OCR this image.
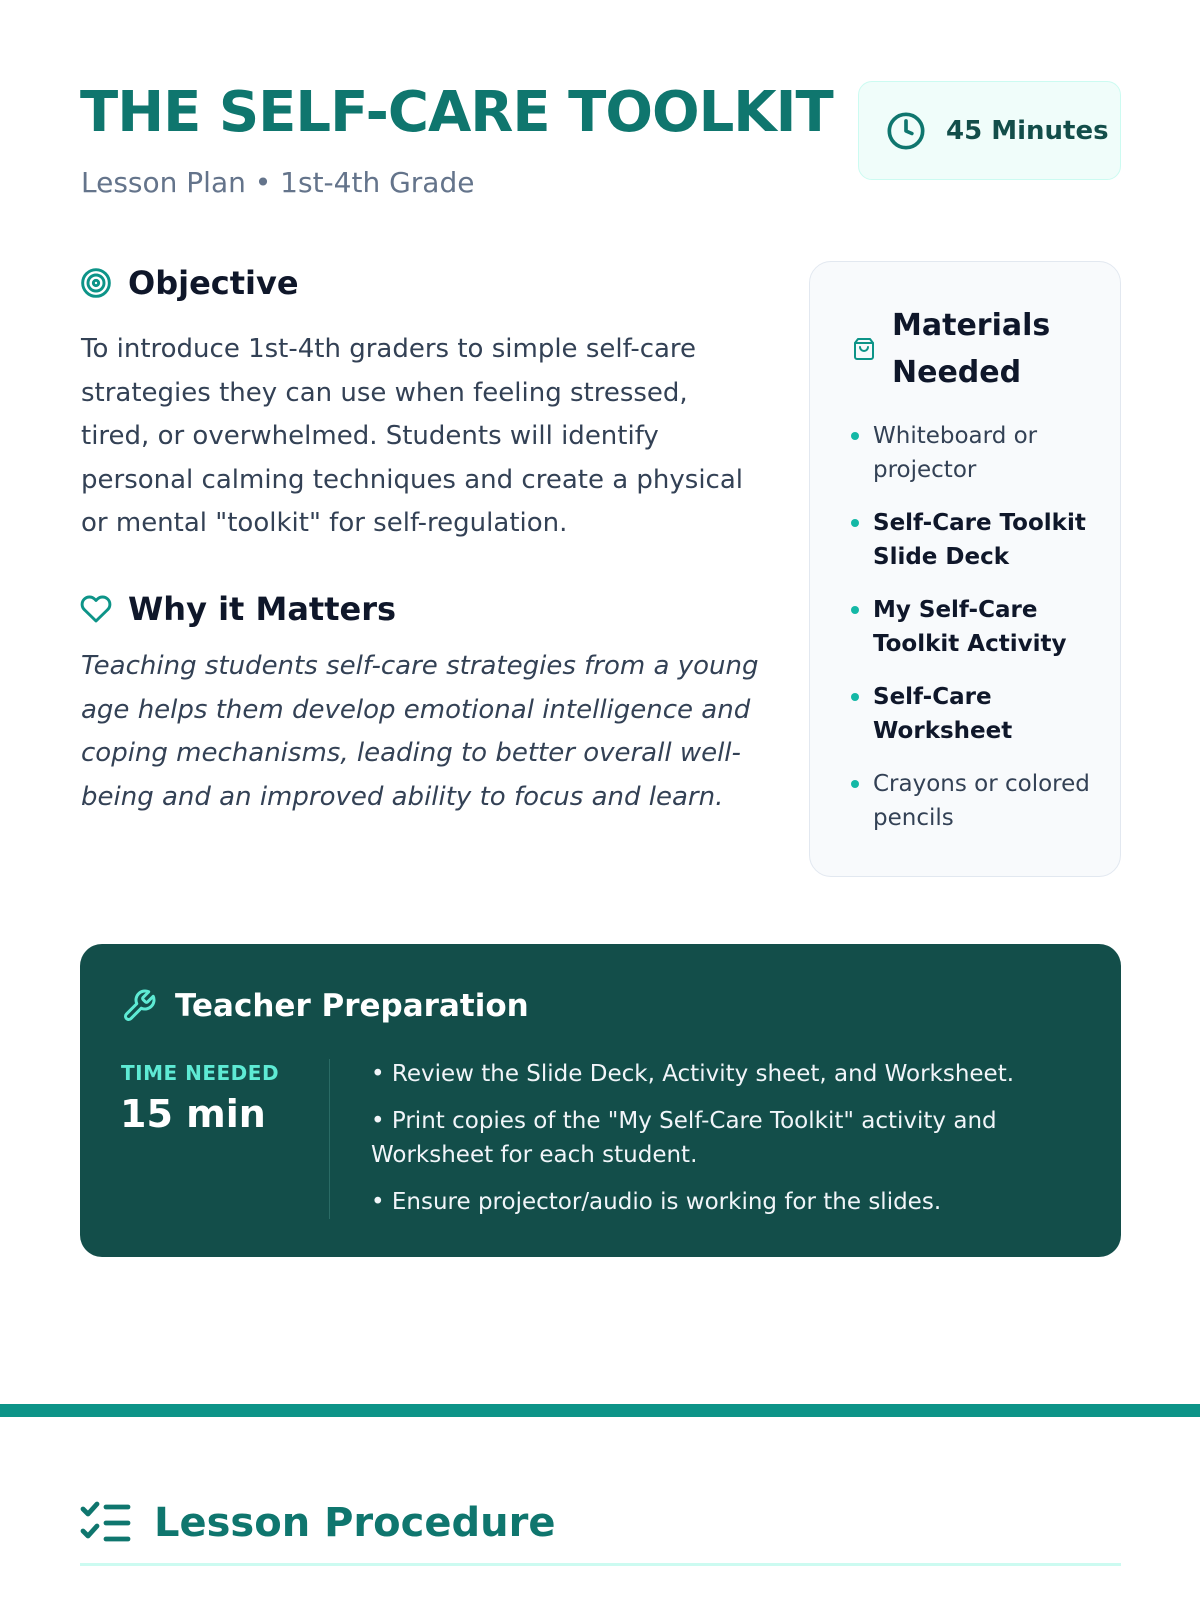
THE SELF-CARE TOOLKIT
Lesson Plan • 1st-4th Grade
45 Minutes
Objective

To introduce 1st-4th graders to simple self-care strategies they can use when feeling stressed, tired, or overwhelmed. Students will identify personal calming techniques and create a physical or mental "toolkit" for self-regulation.

Why it Matters

Teaching students self-care strategies from a young age helps them develop emotional intelligence and coping mechanisms, leading to better overall well-being and an improved ability to focus and learn.

Materials Needed
Whiteboard or projector
Self-Care Toolkit Slide Deck
My Self-Care Toolkit Activity
Self-Care Worksheet
Crayons or colored pencils
Teacher Preparation
TIME NEEDED
15 min
• Review the Slide Deck, Activity sheet, and Worksheet.
• Print copies of the "My Self-Care Toolkit" activity and Worksheet for each student.
• Ensure projector/audio is working for the slides.
Lesson Procedure
